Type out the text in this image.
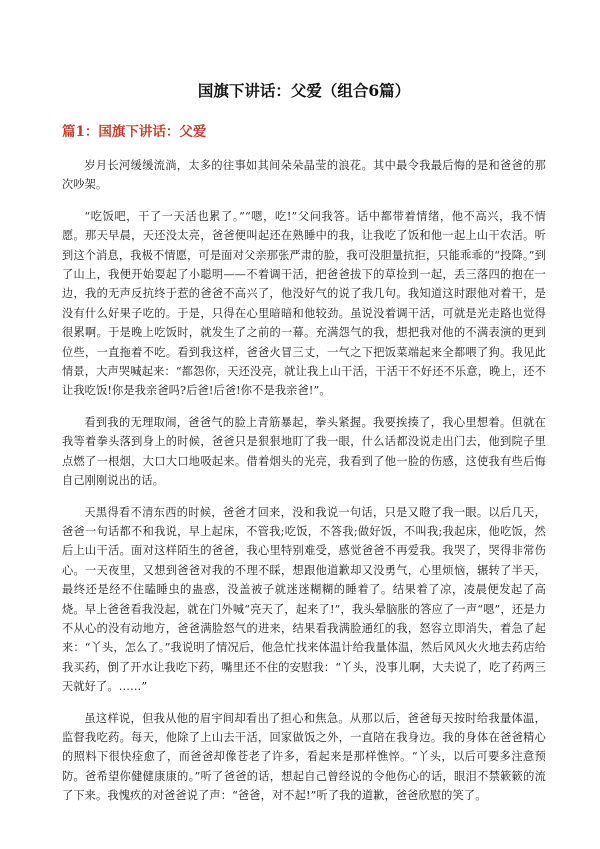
国旗下讲话：父爱（组合6篇）
篇1：国旗下讲话：父爱

岁月长河缓缓流淌，太多的往事如其间朵朵晶莹的浪花。其中最令我最后悔的是和爸爸的那次吵架。

“吃饭吧，干了一天活也累了。”“嗯，吃!”父问我答。话中都带着情绪，他不高兴，我不情愿。那天早晨，天还没太亮，爸爸便叫起还在熟睡中的我，让我吃了饭和他一起上山干农活。听到这个消息，我极不情愿，可是面对父亲那张严肃的脸，我可没胆量抗拒，只能乖乖的“投降。”到了山上，我便开始耍起了小聪明——不着调干活，把爸爸拔下的草捡到一起，丢三落四的抱在一边，我的无声反抗终于惹的爸爸不高兴了，他没好气的说了我几句。我知道这时跟他对着干，是没有什么好果子吃的。于是，只得在心里暗暗和他较劲。虽说没着调干活，可就是光走路也觉得很累啊。于是晚上吃饭时，就发生了之前的一幕。充满怨气的我，想把我对他的不满表演的更到位些，一直拖着不吃。看到我这样，爸爸火冒三丈，一气之下把饭菜端起来全都喂了狗。我见此情景，大声哭喊起来：“都怨你，天还没亮，就让我上山干活，干活干不好还不乐意，晚上，还不让我吃饭!你是我亲爸吗?后爸!后爸!你不是我亲爸!”。

看到我的无理取闹，爸爸气的脸上青筋暴起，拳头紧握。我要挨揍了，我心里想着。但就在我等着拳头落到身上的时候，爸爸只是狠狠地盯了我一眼，什么话都没说走出门去，他到院子里点燃了一根烟，大口大口地吸起来。借着烟头的光亮，我看到了他一脸的伤感，这使我有些后悔自己刚刚说出的话。

天黑得看不清东西的时候，爸爸才回来，没和我说一句话，只是又瞪了我一眼。以后几天，爸爸一句话都不和我说，早上起床，不管我;吃饭，不答我;做好饭，不叫我;我起床，他吃饭，然后上山干活。面对这样陌生的爸爸，我心里特别难受，感觉爸爸不再爱我。我哭了，哭得非常伤心。一天夜里，又想到爸爸对我的不理不睬，想跟他道歉却又没勇气，心里烦恼，辗转了半天，最终还是经不住瞌睡虫的蛊惑，没盖被子就迷迷糊糊的睡着了。结果着了凉，凌晨便发起了高烧。早上爸爸看我没起，就在门外喊“亮天了，起来了!”，我头晕脑胀的答应了一声“嗯”，还是力不从心的没有动地方，爸爸满脸怒气的进来，结果看我满脸通红的我，怒容立即消失，着急了起来：“丫头，怎么了。”我说明了情况后，他急忙找来体温计给我量体温，然后风风火火地去药店给我买药，倒了开水让我吃下药，嘴里还不住的安慰我：“丫头，没事儿啊，大夫说了，吃了药两三天就好了。……”

虽这样说，但我从他的眉宇间却看出了担心和焦急。从那以后，爸爸每天按时给我量体温，监督我吃药。每天，他除了上山去干活，回家做饭之外，一直陪在我身边。我的身体在爸爸精心的照料下很快痊愈了，而爸爸却像苍老了许多，看起来是那样憔悴。“丫头，以后可要多注意预防。爸希望你健健康康的。”听了爸爸的话，想起自己曾经说的令他伤心的话，眼泪不禁簌簌的流了下来。我愧疚的对爸爸说了声：“爸爸，对不起!”听了我的道歉，爸爸欣慰的笑了。
